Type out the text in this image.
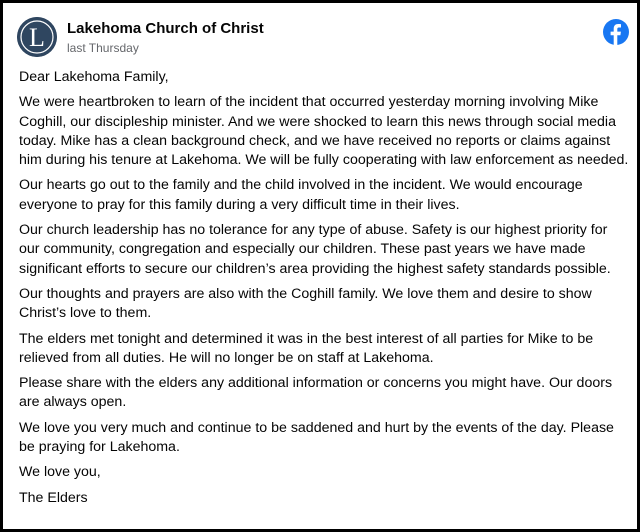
L Lakehoma Church of Christ
last Thursday

Dear Lakehoma Family,

We were heartbroken to learn of the incident that occurred yesterday morning involving Mike Coghill, our discipleship minister. And we were shocked to learn this news through social media today. Mike has a clean background check, and we have received no reports or claims against him during his tenure at Lakehoma. We will be fully cooperating with law enforcement as needed.

Our hearts go out to the family and the child involved in the incident. We would encourage everyone to pray for this family during a very difficult time in their lives.

Our church leadership has no tolerance for any type of abuse. Safety is our highest priority for our community, congregation and especially our children. These past years we have made significant efforts to secure our children’s area providing the highest safety standards possible.

Our thoughts and prayers are also with the Coghill family. We love them and desire to show Christ’s love to them.

The elders met tonight and determined it was in the best interest of all parties for Mike to be relieved from all duties. He will no longer be on staff at Lakehoma.

Please share with the elders any additional information or concerns you might have. Our doors are always open.

We love you very much and continue to be saddened and hurt by the events of the day. Please be praying for Lakehoma.

We love you,

The Elders
